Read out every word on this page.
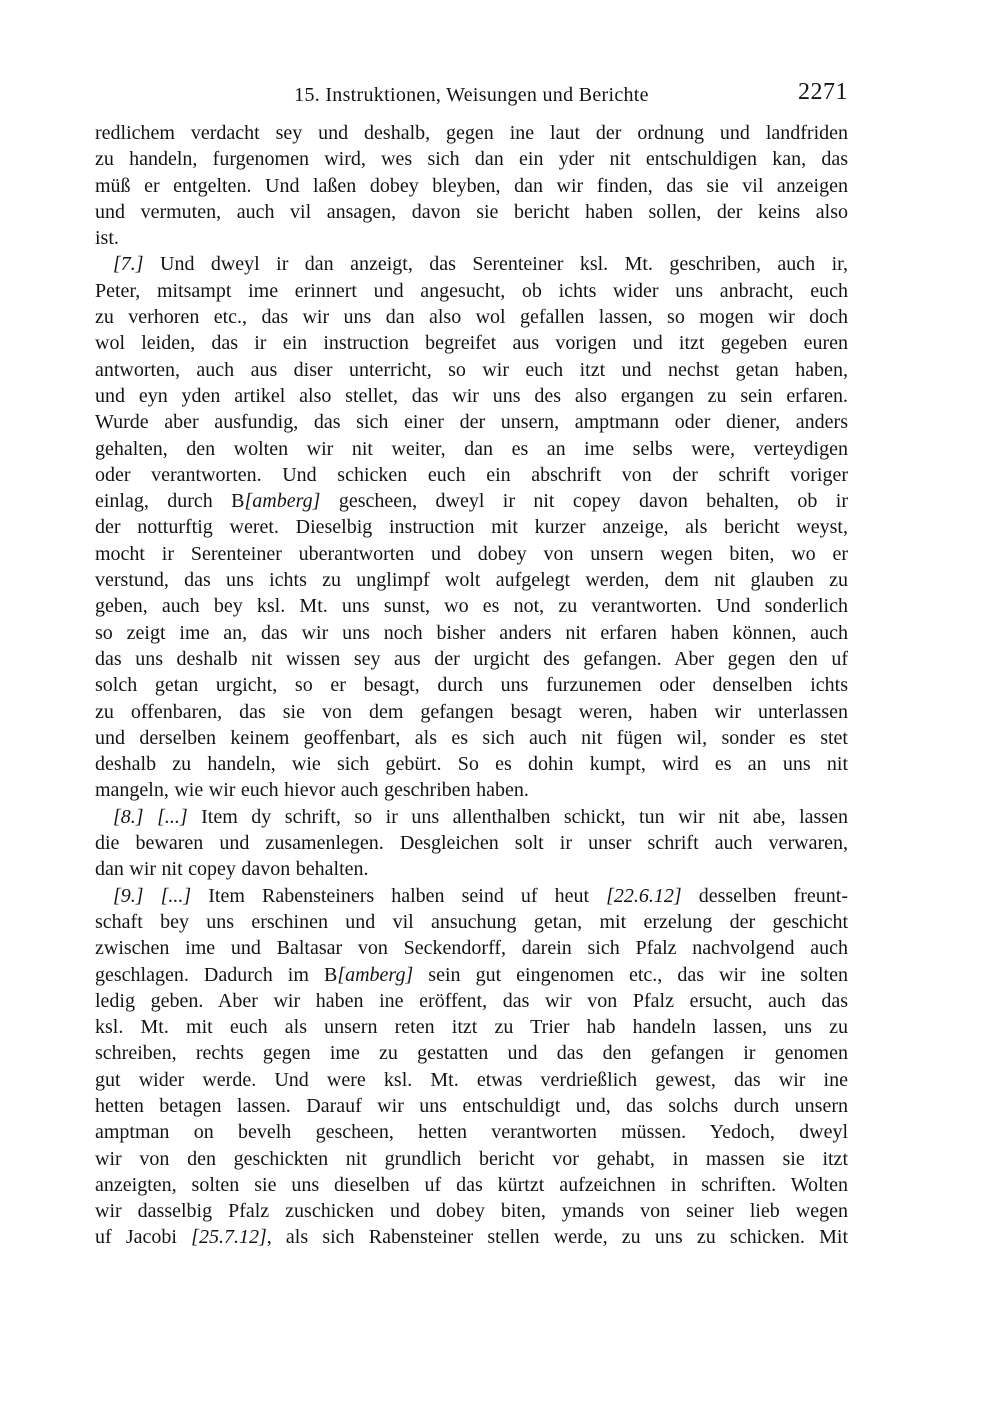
15. Instruktionen, Weisungen und Berichte	2271
redlichem verdacht sey und deshalb, gegen ine laut der ordnung und landfriden
zu handeln, furgenomen wird, wes sich dan ein yder nit entschuldigen kan, das
müß er entgelten. Und laßen dobey bleyben, dan wir finden, das sie vil anzeigen
und vermuten, auch vil ansagen, davon sie bericht haben sollen, der keins also
ist.
[7.] Und dweyl ir dan anzeigt, das Serenteiner ksl. Mt. geschriben, auch ir,
Peter, mitsampt ime erinnert und angesucht, ob ichts wider uns anbracht, euch
zu verhoren etc., das wir uns dan also wol gefallen lassen, so mogen wir doch
wol leiden, das ir ein instruction begreifet aus vorigen und itzt gegeben euren
antworten, auch aus diser unterricht, so wir euch itzt und nechst getan haben,
und eyn yden artikel also stellet, das wir uns des also ergangen zu sein erfaren.
Wurde aber ausfundig, das sich einer der unsern, amptmann oder diener, anders
gehalten, den wolten wir nit weiter, dan es an ime selbs were, verteydigen
oder verantworten. Und schicken euch ein abschrift von der schrift voriger
einlag, durch B[amberg] gescheen, dweyl ir nit copey davon behalten, ob ir
der notturftig weret. Dieselbig instruction mit kurzer anzeige, als bericht weyst,
mocht ir Serenteiner uberantworten und dobey von unsern wegen biten, wo er
verstund, das uns ichts zu unglimpf wolt aufgelegt werden, dem nit glauben zu
geben, auch bey ksl. Mt. uns sunst, wo es not, zu verantworten. Und sonderlich
so zeigt ime an, das wir uns noch bisher anders nit erfaren haben können, auch
das uns deshalb nit wissen sey aus der urgicht des gefangen. Aber gegen den uf
solch getan urgicht, so er besagt, durch uns furzunemen oder denselben ichts
zu offenbaren, das sie von dem gefangen besagt weren, haben wir unterlassen
und derselben keinem geoffenbart, als es sich auch nit fügen wil, sonder es stet
deshalb zu handeln, wie sich gebürt. So es dohin kumpt, wird es an uns nit
mangeln, wie wir euch hievor auch geschriben haben.
[8.] [...] Item dy schrift, so ir uns allenthalben schickt, tun wir nit abe, lassen
die bewaren und zusamenlegen. Desgleichen solt ir unser schrift auch verwaren,
dan wir nit copey davon behalten.
[9.] [...] Item Rabensteiners halben seind uf heut [22.6.12] desselben freunt-
schaft bey uns erschinen und vil ansuchung getan, mit erzelung der geschicht
zwischen ime und Baltasar von Seckendorff, darein sich Pfalz nachvolgend auch
geschlagen. Dadurch im B[amberg] sein gut eingenomen etc., das wir ine solten
ledig geben. Aber wir haben ine eröffent, das wir von Pfalz ersucht, auch das
ksl. Mt. mit euch als unsern reten itzt zu Trier hab handeln lassen, uns zu
schreiben, rechts gegen ime zu gestatten und das den gefangen ir genomen
gut wider werde. Und were ksl. Mt. etwas verdrießlich gewest, das wir ine
hetten betagen lassen. Darauf wir uns entschuldigt und, das solchs durch unsern
amptman on bevelh gescheen, hetten verantworten müssen. Yedoch, dweyl
wir von den geschickten nit grundlich bericht vor gehabt, in massen sie itzt
anzeigten, solten sie uns dieselben uf das kürtzt aufzeichnen in schriften. Wolten
wir dasselbig Pfalz zuschicken und dobey biten, ymands von seiner lieb wegen
uf Jacobi [25.7.12], als sich Rabensteiner stellen werde, zu uns zu schicken. Mit
